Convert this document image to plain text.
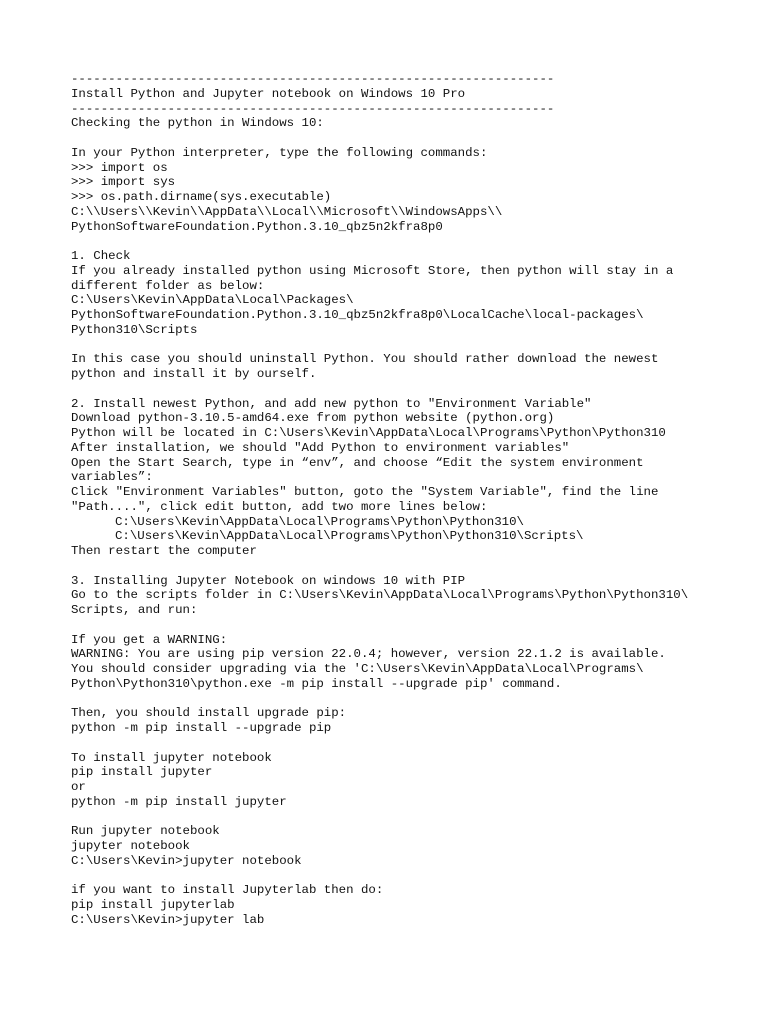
-----------------------------------------------------------------
Install Python and Jupyter notebook on Windows 10 Pro
-----------------------------------------------------------------
Checking the python in Windows 10:
In your Python interpreter, type the following commands:
>>> import os
>>> import sys
>>> os.path.dirname(sys.executable)
C:\\Users\\Kevin\\AppData\\Local\\Microsoft\\WindowsApps\\
PythonSoftwareFoundation.Python.3.10_qbz5n2kfra8p0
1. Check
If you already installed python using Microsoft Store, then python will stay in a
different folder as below:
C:\Users\Kevin\AppData\Local\Packages\
PythonSoftwareFoundation.Python.3.10_qbz5n2kfra8p0\LocalCache\local-packages\
Python310\Scripts
In this case you should uninstall Python. You should rather download the newest
python and install it by ourself.
2. Install newest Python, and add new python to "Environment Variable"
Download python-3.10.5-amd64.exe from python website (python.org)
Python will be located in C:\Users\Kevin\AppData\Local\Programs\Python\Python310
After installation, we should "Add Python to environment variables"
Open the Start Search, type in “env”, and choose “Edit the system environment
variables”:
Click "Environment Variables" button, goto the "System Variable", find the line
"Path....", click edit button, add two more lines below:
C:\Users\Kevin\AppData\Local\Programs\Python\Python310\
C:\Users\Kevin\AppData\Local\Programs\Python\Python310\Scripts\
Then restart the computer
3. Installing Jupyter Notebook on windows 10 with PIP
Go to the scripts folder in C:\Users\Kevin\AppData\Local\Programs\Python\Python310\
Scripts, and run:
If you get a WARNING:
WARNING: You are using pip version 22.0.4; however, version 22.1.2 is available.
You should consider upgrading via the 'C:\Users\Kevin\AppData\Local\Programs\
Python\Python310\python.exe -m pip install --upgrade pip' command.
Then, you should install upgrade pip:
python -m pip install --upgrade pip
To install jupyter notebook
pip install jupyter
or
python -m pip install jupyter
Run jupyter notebook
jupyter notebook
C:\Users\Kevin>jupyter notebook
if you want to install Jupyterlab then do:
pip install jupyterlab
C:\Users\Kevin>jupyter lab
